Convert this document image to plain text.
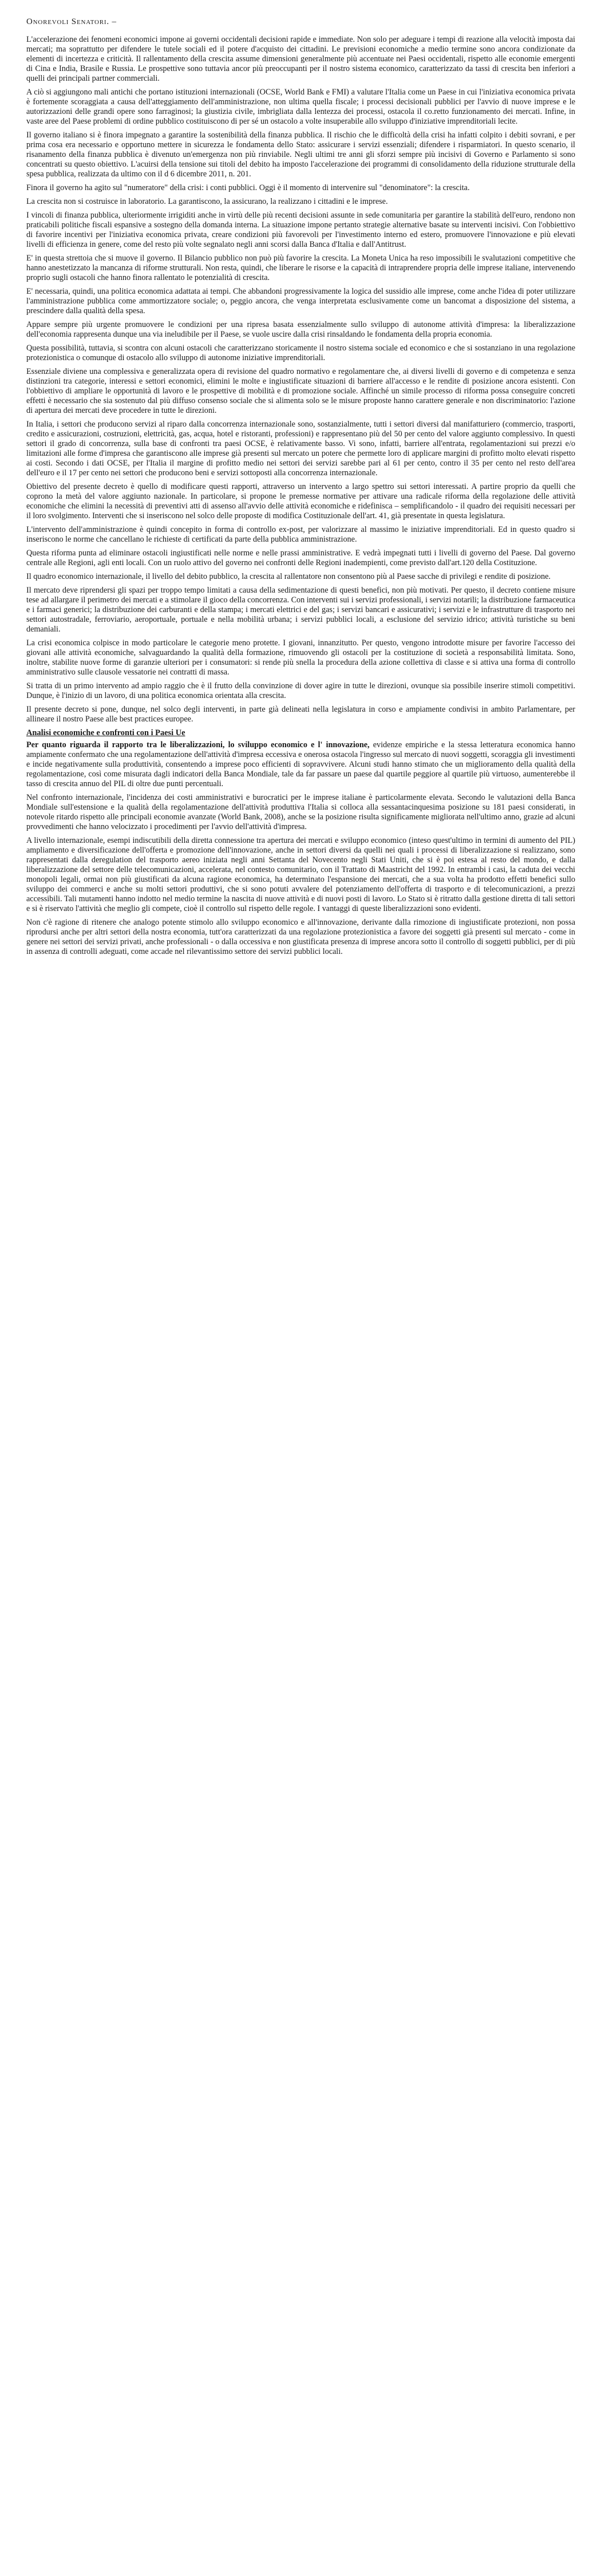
Onorevoli Senatori. –

L'accelerazione dei fenomeni economici impone ai governi occidentali decisioni rapide e immediate. Non solo per adeguare i tempi di reazione alla velocità imposta dai mercati; ma soprattutto per difendere le tutele sociali ed il potere d'acquisto dei cittadini. Le previsioni economiche a medio termine sono ancora condizionate da elementi di incertezza e criticità. Il rallentamento della crescita assume dimensioni generalmente più accentuate nei Paesi occidentali, rispetto alle economie emergenti di Cina e India, Brasile e Russia. Le prospettive sono tuttavia ancor più preoccupanti per il nostro sistema economico, caratterizzato da tassi di crescita ben inferiori a quelli dei principali partner commerciali.

A ciò si aggiungono mali antichi che portano istituzioni internazionali (OCSE, World Bank e FMI) a valutare l'Italia come un Paese in cui l'iniziativa economica privata è fortemente scoraggiata a causa dell'atteggiamento dell'amministrazione, non ultima quella fiscale; i processi decisionali pubblici per l'avvio di nuove imprese e le autorizzazioni delle grandi opere sono farraginosi; la giustizia civile, imbrigliata dalla lentezza dei processi, ostacola il co.retto funzionamento dei mercati. Infine, in vaste aree del Paese problemi di ordine pubblico costituiscono di per sé un ostacolo a volte insuperabile allo sviluppo d'iniziative imprenditoriali lecite.

Il governo italiano si è finora impegnato a garantire la sostenibilità della finanza pubblica. Il rischio che le difficoltà della crisi ha infatti colpito i debiti sovrani, e per prima cosa era necessario e opportuno mettere in sicurezza le fondamenta dello Stato: assicurare i servizi essenziali; difendere i risparmiatori. In questo scenario, il risanamento della finanza pubblica è divenuto un'emergenza non più rinviabile. Negli ultimi tre anni gli sforzi sempre più incisivi di Governo e Parlamento si sono concentrati su questo obiettivo. L'acuirsi della tensione sui titoli del debito ha imposto l'accelerazione dei programmi di consolidamento della riduzione strutturale della spesa pubblica, realizzata da ultimo con il d 6 dicembre 2011, n. 201.

Finora il governo ha agito sul "numeratore" della crisi: i conti pubblici. Oggi è il momento di intervenire sul "denominatore": la crescita.

La crescita non si costruisce in laboratorio. La garantiscono, la assicurano, la realizzano i cittadini e le imprese.

I vincoli di finanza pubblica, ulteriormente irrigiditi anche in virtù delle più recenti decisioni assunte in sede comunitaria per garantire la stabilità dell'euro, rendono non praticabili politiche fiscali espansive a sostegno della domanda interna. La situazione impone pertanto strategie alternative basate su interventi incisivi. Con l'obbiettivo di favorire incentivi per l'iniziativa economica privata, creare condizioni più favorevoli per l'investimento interno ed estero, promuovere l'innovazione e più elevati livelli di efficienza in genere, come del resto più volte segnalato negli anni scorsi dalla Banca d'Italia e dall'Antitrust.

E' in questa strettoia che si muove il governo. Il Bilancio pubblico non può più favorire la crescita. La Moneta Unica ha reso impossibili le svalutazioni competitive che hanno anestetizzato la mancanza di riforme strutturali. Non resta, quindi, che liberare le risorse e la capacità di intraprendere propria delle imprese italiane, intervenendo proprio sugli ostacoli che hanno finora rallentato le potenzialità di crescita.

E' necessaria, quindi, una politica economica adattata ai tempi. Che abbandoni progressivamente la logica del sussidio alle imprese, come anche l'idea di poter utilizzare l'amministrazione pubblica come ammortizzatore sociale; o, peggio ancora, che venga interpretata esclusivamente come un bancomat a disposizione del sistema, a prescindere dalla qualità della spesa.

Appare sempre più urgente promuovere le condizioni per una ripresa basata essenzialmente sullo sviluppo di autonome attività d'impresa: la liberalizzazione dell'economia rappresenta dunque una via ineludibile per il Paese, se vuole uscire dalla crisi rinsaldando le fondamenta della propria economia.

Questa possibilità, tuttavia, si scontra con alcuni ostacoli che caratterizzano storicamente il nostro sistema sociale ed economico e che si sostanziano in una regolazione protezionistica o comunque di ostacolo allo sviluppo di autonome iniziative imprenditoriali.

Essenziale diviene una complessiva e generalizzata opera di revisione del quadro normativo e regolamentare che, ai diversi livelli di governo e di competenza e senza distinzioni tra categorie, interessi e settori economici, elimini le molte e ingiustificate situazioni di barriere all'accesso e le rendite di posizione ancora esistenti. Con l'obbiettivo di ampliare le opportunità di lavoro e le prospettive di mobilità e di promozione sociale. Affinché un simile processo di riforma possa conseguire concreti effetti è necessario che sia sostenuto dal più diffuso consenso sociale che si alimenta solo se le misure proposte hanno carattere generale e non discriminatorio: l'azione di apertura dei mercati deve procedere in tutte le direzioni.

In Italia, i settori che producono servizi al riparo dalla concorrenza internazionale sono, sostanzialmente, tutti i settori diversi dal manifatturiero (commercio, trasporti, credito e assicurazioni, costruzioni, elettricità, gas, acqua, hotel e ristoranti, professioni) e rappresentano più del 50 per cento del valore aggiunto complessivo. In questi settori il grado di concorrenza, sulla base di confronti tra paesi OCSE, è relativamente basso. Vi sono, infatti, barriere all'entrata, regolamentazioni sui prezzi e/o limitazioni alle forme d'impresa che garantiscono alle imprese già presenti sul mercato un potere che permette loro di applicare margini di profitto molto elevati rispetto ai costi. Secondo i dati OCSE, per l'Italia il margine di profitto medio nei settori dei servizi sarebbe pari al 61 per cento, contro il 35 per cento nel resto dell'area dell'euro e il 17 per cento nei settori che producono beni e servizi sottoposti alla concorrenza internazionale.

Obiettivo del presente decreto è quello di modificare questi rapporti, attraverso un intervento a largo spettro sui settori interessati. A partire proprio da quelli che coprono la metà del valore aggiunto nazionale. In particolare, si propone le premesse normative per attivare una radicale riforma della regolazione delle attività economiche che elimini la necessità di preventivi atti di assenso all'avvio delle attività economiche e ridefinisca – semplificandolo - il quadro dei requisiti necessari per il loro svolgimento. Interventi che si inseriscono nel solco delle proposte di modifica Costituzionale dell'art. 41, già presentate in questa legislatura.

L'intervento dell'amministrazione è quindi concepito in forma di controllo ex-post, per valorizzare al massimo le iniziative imprenditoriali. Ed in questo quadro si inseriscono le norme che cancellano le richieste di certificati da parte della pubblica amministrazione.

Questa riforma punta ad eliminare ostacoli ingiustificati nelle norme e nelle prassi amministrative. E vedrà impegnati tutti i livelli di governo del Paese. Dal governo centrale alle Regioni, agli enti locali. Con un ruolo attivo del governo nei confronti delle Regioni inadempienti, come previsto dall'art.120 della Costituzione.

Il quadro economico internazionale, il livello del debito pubblico, la crescita al rallentatore non consentono più al Paese sacche di privilegi e rendite di posizione.

Il mercato deve riprendersi gli spazi per troppo tempo limitati a causa della sedimentazione di questi benefici, non più motivati. Per questo, il decreto contiene misure tese ad allargare il perimetro dei mercati e a stimolare il gioco della concorrenza. Con interventi sui i servizi professionali, i servizi notarili; la distribuzione farmaceutica e i farmaci generici; la distribuzione dei carburanti e della stampa; i mercati elettrici e del gas; i servizi bancari e assicurativi; i servizi e le infrastrutture di trasporto nei settori autostradale, ferroviario, aeroportuale, portuale e nella mobilità urbana; i servizi pubblici locali, a esclusione del servizio idrico; attività turistiche su beni demaniali.

La crisi economica colpisce in modo particolare le categorie meno protette. I giovani, innanzitutto. Per questo, vengono introdotte misure per favorire l'accesso dei giovani alle attività economiche, salvaguardando la qualità della formazione, rimuovendo gli ostacoli per la costituzione di società a responsabilità limitata. Sono, inoltre, stabilite nuove forme di garanzie ulteriori per i consumatori: si rende più snella la procedura della azione collettiva di classe e si attiva una forma di controllo amministrativo sulle clausole vessatorie nei contratti di massa.

Si tratta di un primo intervento ad ampio raggio che è il frutto della convinzione di dover agire in tutte le direzioni, ovunque sia possibile inserire stimoli competitivi. Dunque, è l'inizio di un lavoro, di una politica economica orientata alla crescita.

Il presente decreto si pone, dunque, nel solco degli interventi, in parte già delineati nella legislatura in corso e ampiamente condivisi in ambito Parlamentare, per allineare il nostro Paese alle best practices europee.

Analisi economiche e confronti con i Paesi Ue

Per quanto riguarda il rapporto tra le liberalizzazioni, lo sviluppo economico e l' innovazione, evidenze empiriche e la stessa letteratura economica hanno ampiamente confermato che una regolamentazione dell'attività d'impresa eccessiva e onerosa ostacola l'ingresso sul mercato di nuovi soggetti, scoraggia gli investimenti e incide negativamente sulla produttività, consentendo a imprese poco efficienti di sopravvivere. Alcuni studi hanno stimato che un miglioramento della qualità della regolamentazione, così come misurata dagli indicatori della Banca Mondiale, tale da far passare un paese dal quartile peggiore al quartile più virtuoso, aumenterebbe il tasso di crescita annuo del PIL di oltre due punti percentuali.

Nel confronto internazionale, l'incidenza dei costi amministrativi e burocratici per le imprese italiane è particolarmente elevata. Secondo le valutazioni della Banca Mondiale sull'estensione e la qualità della regolamentazione dell'attività produttiva l'Italia si colloca alla sessantacinquesima posizione su 181 paesi considerati, in notevole ritardo rispetto alle principali economie avanzate (World Bank, 2008), anche se la posizione risulta significamente migliorata nell'ultimo anno, grazie ad alcuni provvedimenti che hanno velocizzato i procedimenti per l'avvio dell'attività d'impresa.

A livello internazionale, esempi indiscutibili della diretta connessione tra apertura dei mercati e sviluppo economico (inteso quest'ultimo in termini di aumento del PIL) ampliamento e diversificazione dell'offerta e promozione dell'innovazione, anche in settori diversi da quelli nei quali i processi di liberalizzazione si realizzano, sono rappresentati dalla deregulation del trasporto aereo iniziata negli anni Settanta del Novecento negli Stati Uniti, che si è poi estesa al resto del mondo, e dalla liberalizzazione del settore delle telecomunicazioni, accelerata, nel contesto comunitario, con il Trattato di Maastricht del 1992. In entrambi i casi, la caduta dei vecchi monopoli legali, ormai non più giustificati da alcuna ragione economica, ha determinato l'espansione dei mercati, che a sua volta ha prodotto effetti benefici sullo sviluppo dei commerci e anche su molti settori produttivi, che si sono potuti avvalere del potenziamento dell'offerta di trasporto e di telecomunicazioni, a prezzi accessibili. Tali mutamenti hanno indotto nel medio termine la nascita di nuove attività e di nuovi posti di lavoro. Lo Stato si è ritratto dalla gestione diretta di tali settori e si è riservato l'attività che meglio gli compete, cioè il controllo sul rispetto delle regole. I vantaggi di queste liberalizzazioni sono evidenti.

Non c'è ragione di ritenere che analogo potente stimolo allo sviluppo economico e all'innovazione, derivante dalla rimozione di ingiustificate protezioni, non possa riprodursi anche per altri settori della nostra economia, tutt'ora caratterizzati da una regolazione protezionistica a favore dei soggetti già presenti sul mercato - come in genere nei settori dei servizi privati, anche professionali - o dalla occessiva e non giustificata presenza di imprese ancora sotto il controllo di soggetti pubblici, per di più in assenza di controlli adeguati, come accade nel rilevantissimo settore dei servizi pubblici locali.
